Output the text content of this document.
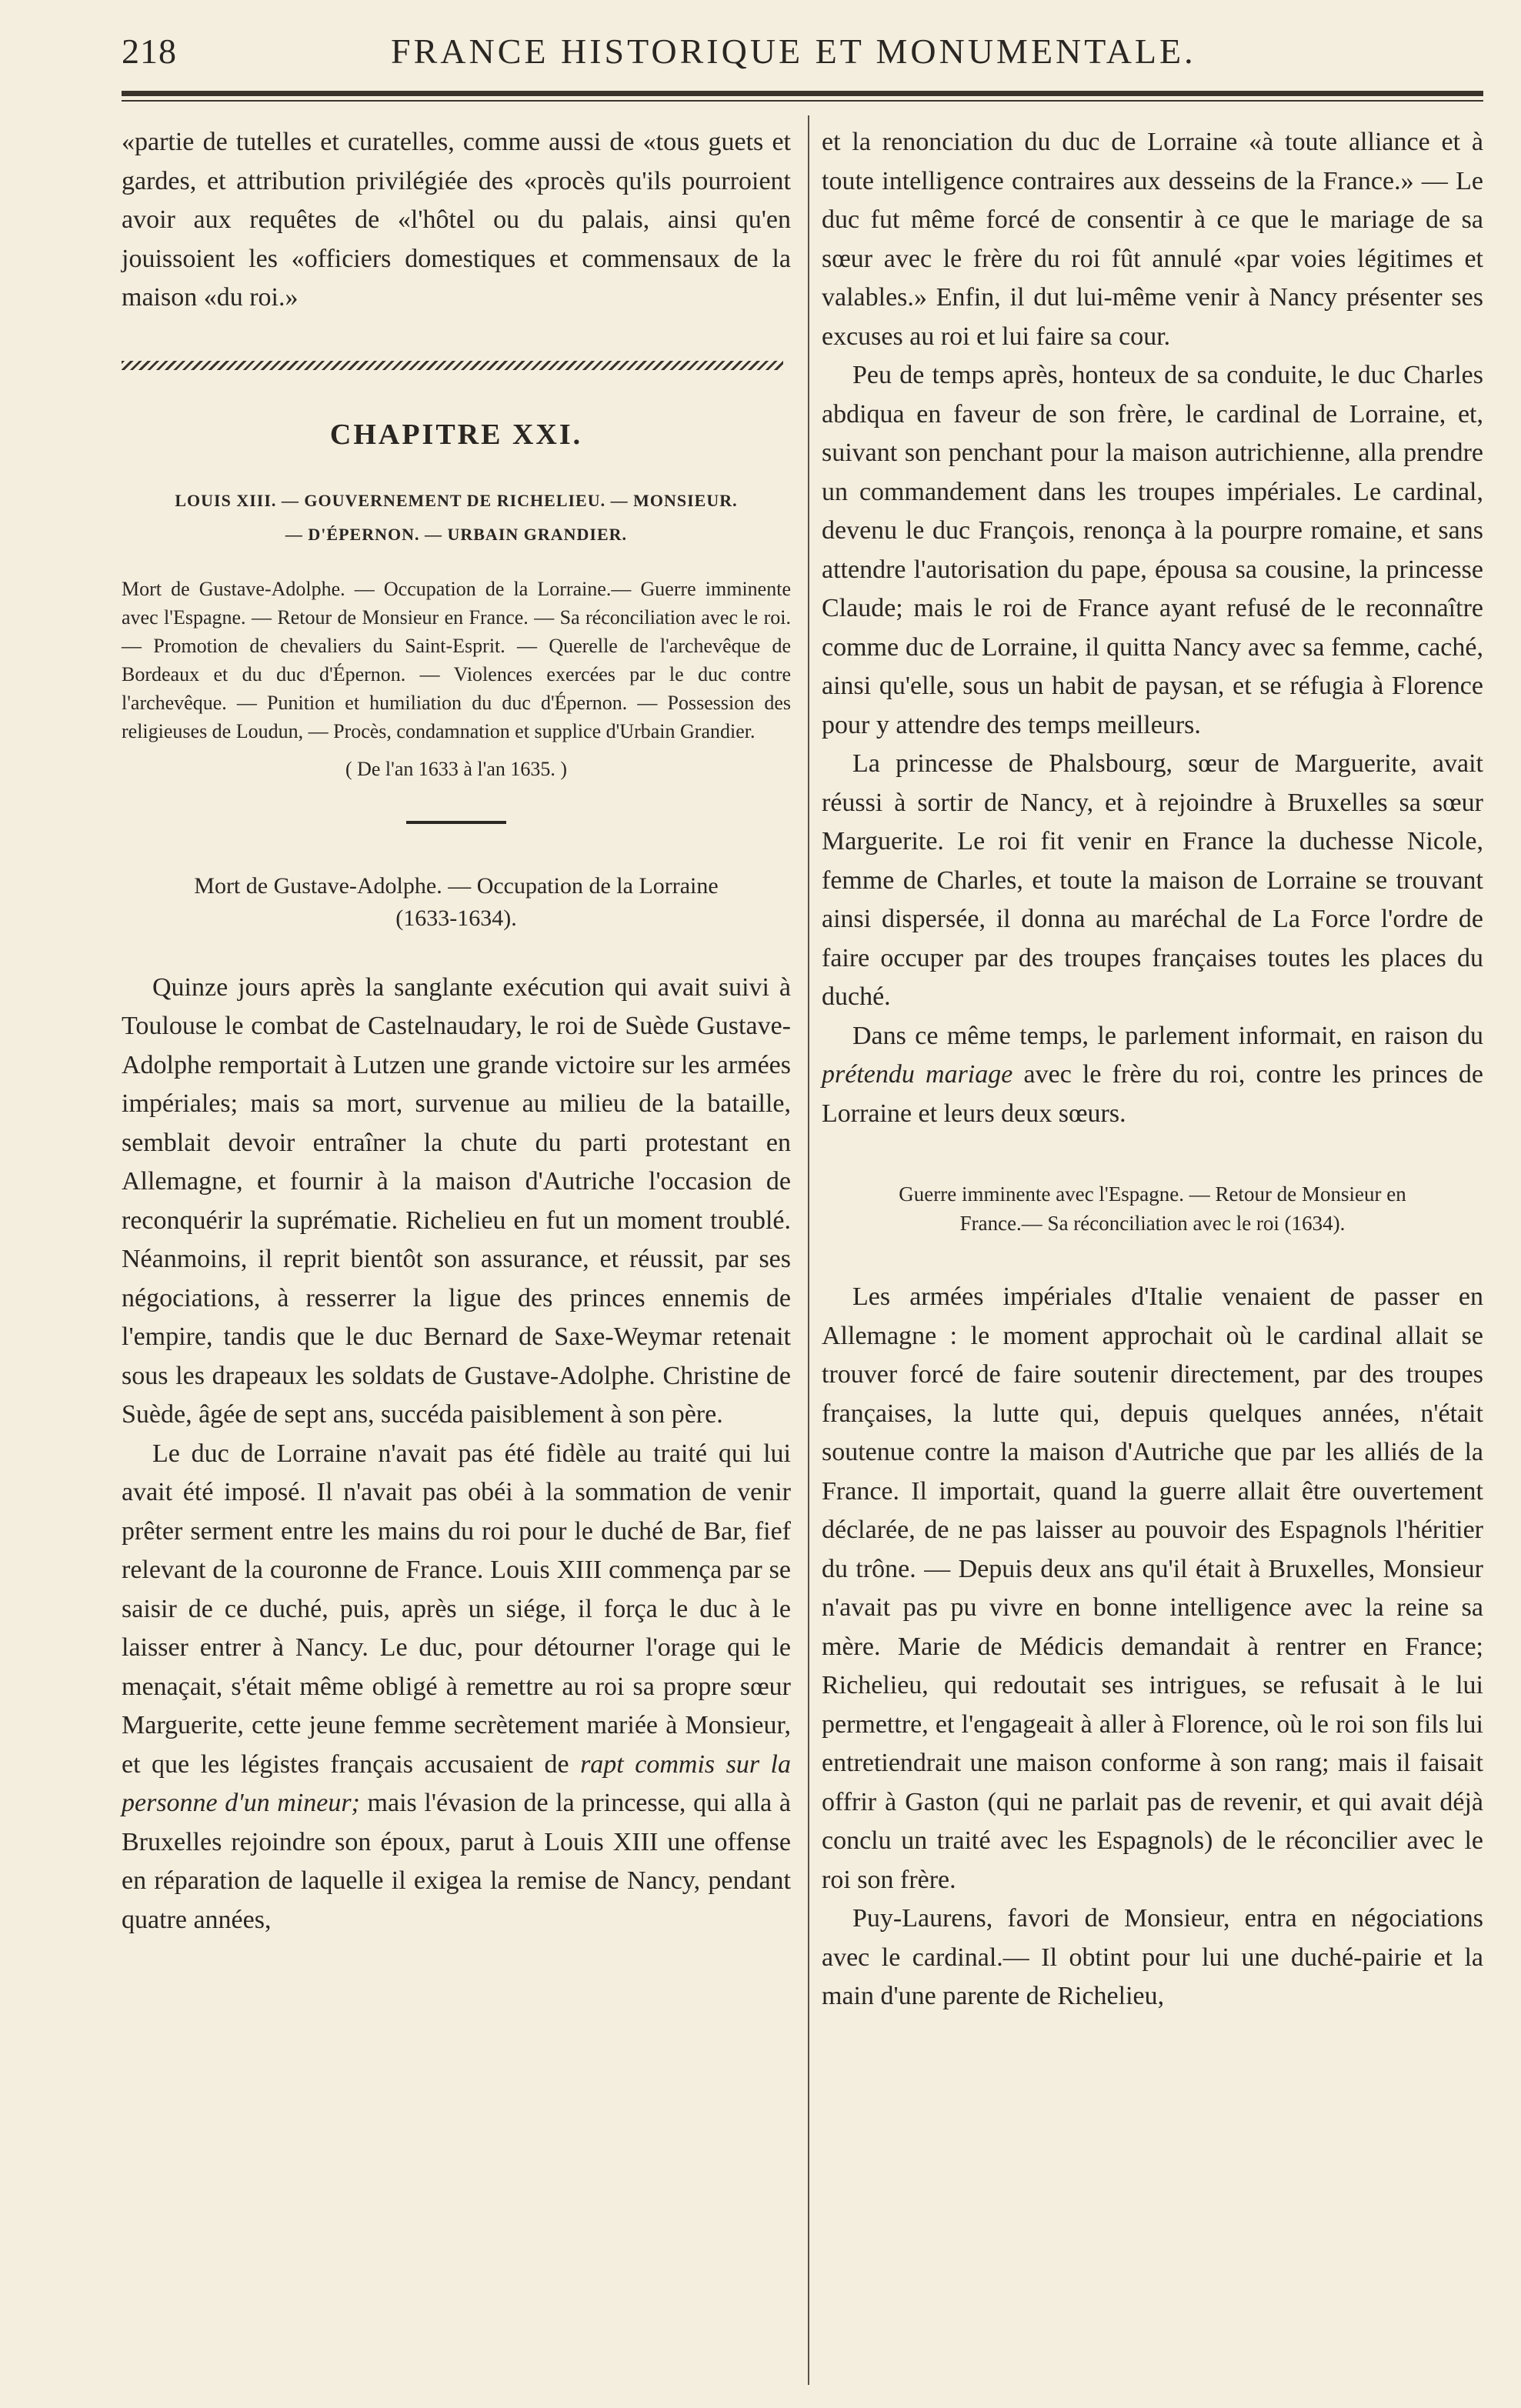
218	FRANCE HISTORIQUE ET MONUMENTALE.

«partie de tutelles et curatelles, comme aussi de «tous guets et gardes, et attribution privilégiée des «procès qu'ils pourroient avoir aux requêtes de «l'hôtel ou du palais, ainsi qu'en jouissoient les «officiers domestiques et commensaux de la maison «du roi.»

CHAPITRE XXI.
LOUIS XIII. — GOUVERNEMENT DE RICHELIEU. — MONSIEUR.
— D'ÉPERNON. — URBAIN GRANDIER.

Mort de Gustave-Adolphe. — Occupation de la Lorraine.— Guerre imminente avec l'Espagne. — Retour de Monsieur en France. — Sa réconciliation avec le roi. — Promotion de chevaliers du Saint-Esprit. — Querelle de l'archevêque de Bordeaux et du duc d'Épernon. — Violences exercées par le duc contre l'archevêque. — Punition et humiliation du duc d'Épernon. — Possession des religieuses de Loudun, — Procès, condamnation et supplice d'Urbain Grandier.

( De l'an 1633 à l'an 1635. )
Mort de Gustave-Adolphe. — Occupation de la Lorraine
(1633-1634).

Quinze jours après la sanglante exécution qui avait suivi à Toulouse le combat de Castelnaudary, le roi de Suède Gustave-Adolphe remportait à Lutzen une grande victoire sur les armées impériales; mais sa mort, survenue au milieu de la bataille, semblait devoir entraîner la chute du parti protestant en Allemagne, et fournir à la maison d'Autriche l'occasion de reconquérir la suprématie. Richelieu en fut un moment troublé. Néanmoins, il reprit bientôt son assurance, et réussit, par ses négociations, à resserrer la ligue des princes ennemis de l'empire, tandis que le duc Bernard de Saxe-Weymar retenait sous les drapeaux les soldats de Gustave-Adolphe. Christine de Suède, âgée de sept ans, succéda paisiblement à son père.

Le duc de Lorraine n'avait pas été fidèle au traité qui lui avait été imposé. Il n'avait pas obéi à la sommation de venir prêter serment entre les mains du roi pour le duché de Bar, fief relevant de la couronne de France. Louis XIII commença par se saisir de ce duché, puis, après un siége, il força le duc à le laisser entrer à Nancy. Le duc, pour détourner l'orage qui le menaçait, s'était même obligé à remettre au roi sa propre sœur Marguerite, cette jeune femme secrètement mariée à Monsieur, et que les légistes français accusaient de rapt commis sur la personne d'un mineur; mais l'évasion de la princesse, qui alla à Bruxelles rejoindre son époux, parut à Louis XIII une offense en réparation de laquelle il exigea la remise de Nancy, pendant quatre années,

et la renonciation du duc de Lorraine «à toute alliance et à toute intelligence contraires aux desseins de la France.» — Le duc fut même forcé de consentir à ce que le mariage de sa sœur avec le frère du roi fût annulé «par voies légitimes et valables.» Enfin, il dut lui-même venir à Nancy présenter ses excuses au roi et lui faire sa cour.

Peu de temps après, honteux de sa conduite, le duc Charles abdiqua en faveur de son frère, le cardinal de Lorraine, et, suivant son penchant pour la maison autrichienne, alla prendre un commandement dans les troupes impériales. Le cardinal, devenu le duc François, renonça à la pourpre romaine, et sans attendre l'autorisation du pape, épousa sa cousine, la princesse Claude; mais le roi de France ayant refusé de le reconnaître comme duc de Lorraine, il quitta Nancy avec sa femme, caché, ainsi qu'elle, sous un habit de paysan, et se réfugia à Florence pour y attendre des temps meilleurs.

La princesse de Phalsbourg, sœur de Marguerite, avait réussi à sortir de Nancy, et à rejoindre à Bruxelles sa sœur Marguerite. Le roi fit venir en France la duchesse Nicole, femme de Charles, et toute la maison de Lorraine se trouvant ainsi dispersée, il donna au maréchal de La Force l'ordre de faire occuper par des troupes françaises toutes les places du duché.

Dans ce même temps, le parlement informait, en raison du prétendu mariage avec le frère du roi, contre les princes de Lorraine et leurs deux sœurs.

Guerre imminente avec l'Espagne. — Retour de Monsieur en
France.— Sa réconciliation avec le roi (1634).

Les armées impériales d'Italie venaient de passer en Allemagne : le moment approchait où le cardinal allait se trouver forcé de faire soutenir directement, par des troupes françaises, la lutte qui, depuis quelques années, n'était soutenue contre la maison d'Autriche que par les alliés de la France. Il importait, quand la guerre allait être ouvertement déclarée, de ne pas laisser au pouvoir des Espagnols l'héritier du trône. — Depuis deux ans qu'il était à Bruxelles, Monsieur n'avait pas pu vivre en bonne intelligence avec la reine sa mère. Marie de Médicis demandait à rentrer en France; Richelieu, qui redoutait ses intrigues, se refusait à le lui permettre, et l'engageait à aller à Florence, où le roi son fils lui entretiendrait une maison conforme à son rang; mais il faisait offrir à Gaston (qui ne parlait pas de revenir, et qui avait déjà conclu un traité avec les Espagnols) de le réconcilier avec le roi son frère.

Puy-Laurens, favori de Monsieur, entra en négociations avec le cardinal.— Il obtint pour lui une duché-pairie et la main d'une parente de Richelieu,
